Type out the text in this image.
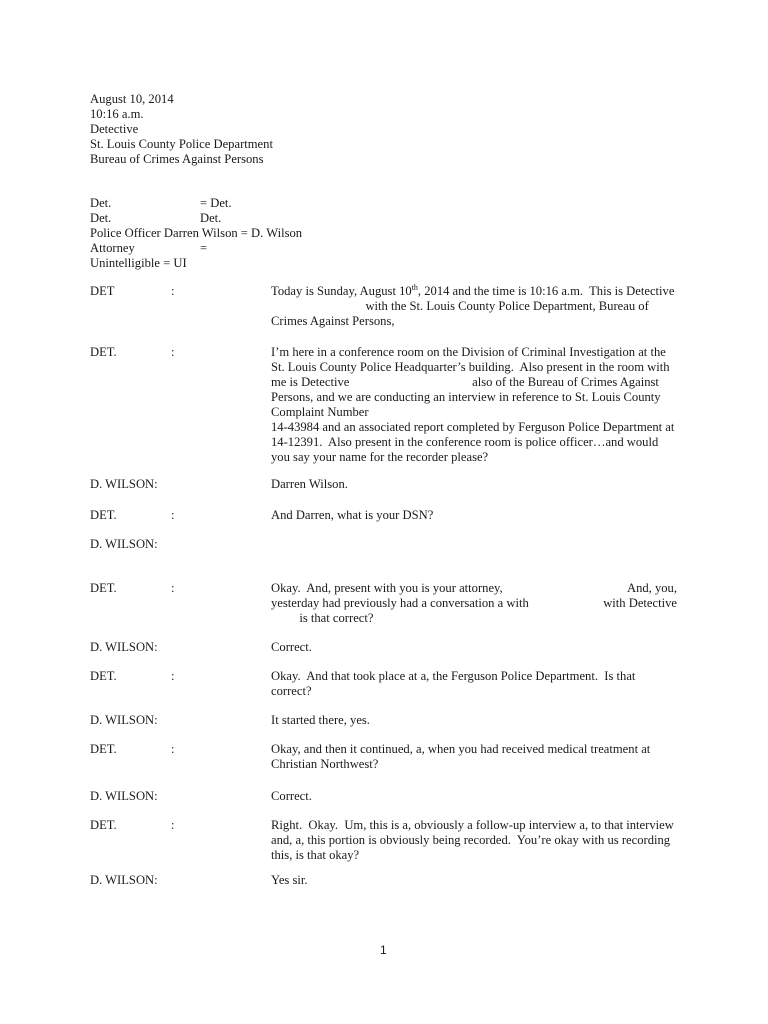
August 10, 2014
10:16 a.m.
Detective
St. Louis County Police Department
Bureau of Crimes Against Persons
Det.	= Det.
Det.	Det.
Police Officer Darren Wilson = D. Wilson
Attorney	=
Unintelligible = UI
DET	:	Today is Sunday, August 10th, 2014 and the time is 10:16 a.m.  This is Detective
with the St. Louis County Police Department, Bureau of
Crimes Against Persons,
DET.	:	I’m here in a conference room on the Division of Criminal Investigation at the
St. Louis County Police Headquarter’s building.  Also present in the room with
me is Detective                                       also of the Bureau of Crimes Against
Persons, and we are conducting an interview in reference to St. Louis County
Complaint Number
14-43984 and an associated report completed by Ferguson Police Department at
14-12391.  Also present in the conference room is police officer…and would
you say your name for the recorder please?
D. WILSON:	Darren Wilson.
DET.	:	And Darren, what is your DSN?
D. WILSON:
DET.	:	Okay.  And, present with you is your attorney,	And, you,
yesterday had previously had a conversation a with	with Detective
is that correct?
D. WILSON:	Correct.
DET.	:	Okay.  And that took place at a, the Ferguson Police Department.  Is that
correct?
D. WILSON:	It started there, yes.
DET.	:	Okay, and then it continued, a, when you had received medical treatment at
Christian Northwest?
D. WILSON:	Correct.
DET.	:	Right.  Okay.  Um, this is a, obviously a follow-up interview a, to that interview
and, a, this portion is obviously being recorded.  You’re okay with us recording
this, is that okay?
D. WILSON:	Yes sir.
1
